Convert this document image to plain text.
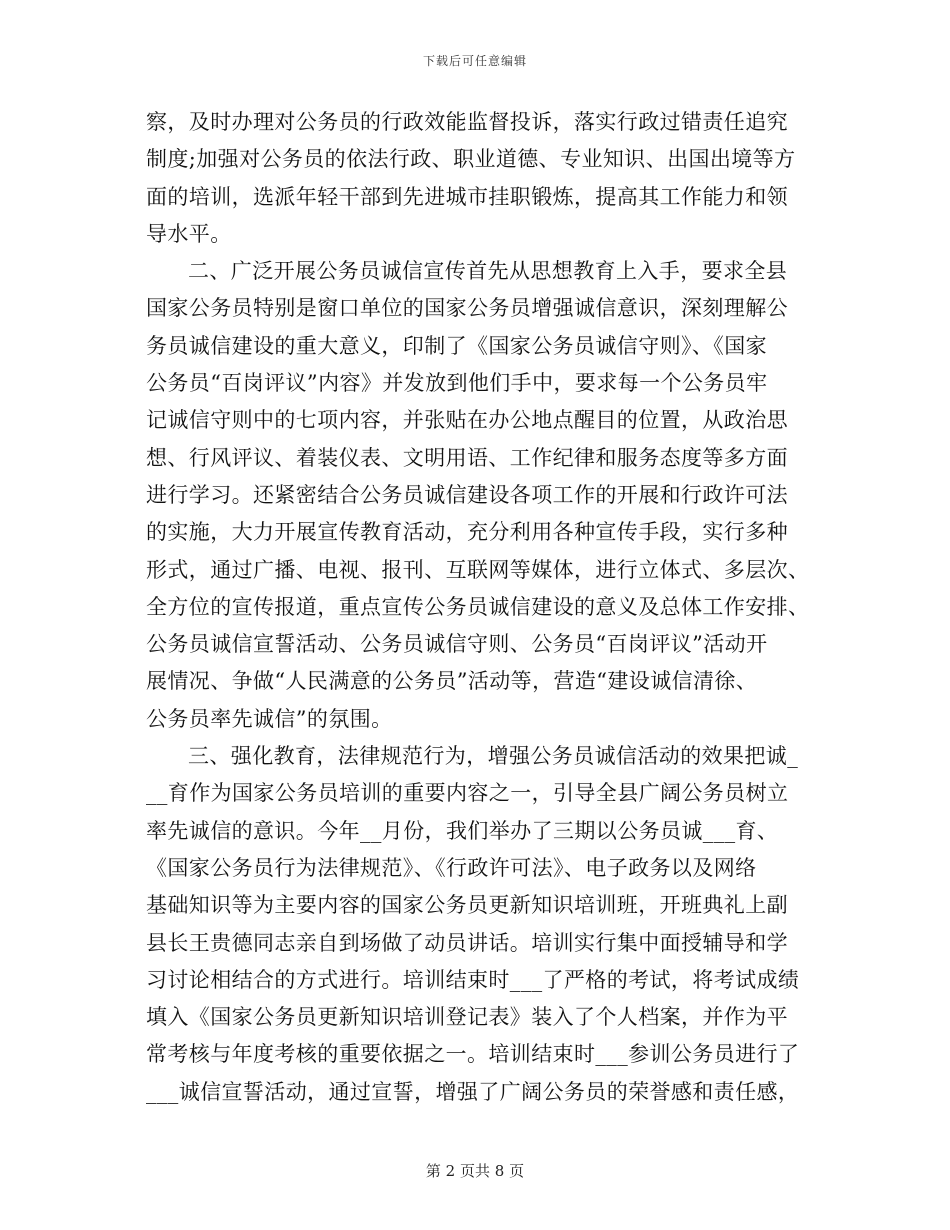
下载后可任意编辑
察，及时办理对公务员的行政效能监督投诉，落实行政过错责任追究
制度;加强对公务员的依法行政、职业道德、专业知识、出国出境等方
面的培训，选派年轻干部到先进城市挂职锻炼，提高其工作能力和领
导水平。
二、广泛开展公务员诚信宣传首先从思想教育上入手，要求全县
国家公务员特别是窗口单位的国家公务员增强诚信意识，深刻理解公
务员诚信建设的重大意义，印制了《国家公务员诚信守则》、《国家
公务员“百岗评议”内容》并发放到他们手中，要求每一个公务员牢
记诚信守则中的七项内容，并张贴在办公地点醒目的位置，从政治思
想、行风评议、着装仪表、文明用语、工作纪律和服务态度等多方面
进行学习。还紧密结合公务员诚信建设各项工作的开展和行政许可法
的实施，大力开展宣传教育活动，充分利用各种宣传手段，实行多种
形式，通过广播、电视、报刊、互联网等媒体，进行立体式、多层次、
全方位的宣传报道，重点宣传公务员诚信建设的意义及总体工作安排、
公务员诚信宣誓活动、公务员诚信守则、公务员“百岗评议”活动开
展情况、争做“人民满意的公务员”活动等，营造“建设诚信清徐、
公务员率先诚信”的氛围。
三、强化教育，法律规范行为，增强公务员诚信活动的效果把诚_
__育作为国家公务员培训的重要内容之一，引导全县广阔公务员树立
率先诚信的意识。今年__月份，我们举办了三期以公务员诚___育、
《国家公务员行为法律规范》、《行政许可法》、电子政务以及网络
基础知识等为主要内容的国家公务员更新知识培训班，开班典礼上副
县长王贵德同志亲自到场做了动员讲话。培训实行集中面授辅导和学
习讨论相结合的方式进行。培训结束时___了严格的考试，将考试成绩
填入《国家公务员更新知识培训登记表》装入了个人档案，并作为平
常考核与年度考核的重要依据之一。培训结束时___参训公务员进行了
___诚信宣誓活动，通过宣誓，增强了广阔公务员的荣誉感和责任感，
第 2 页共 8 页
